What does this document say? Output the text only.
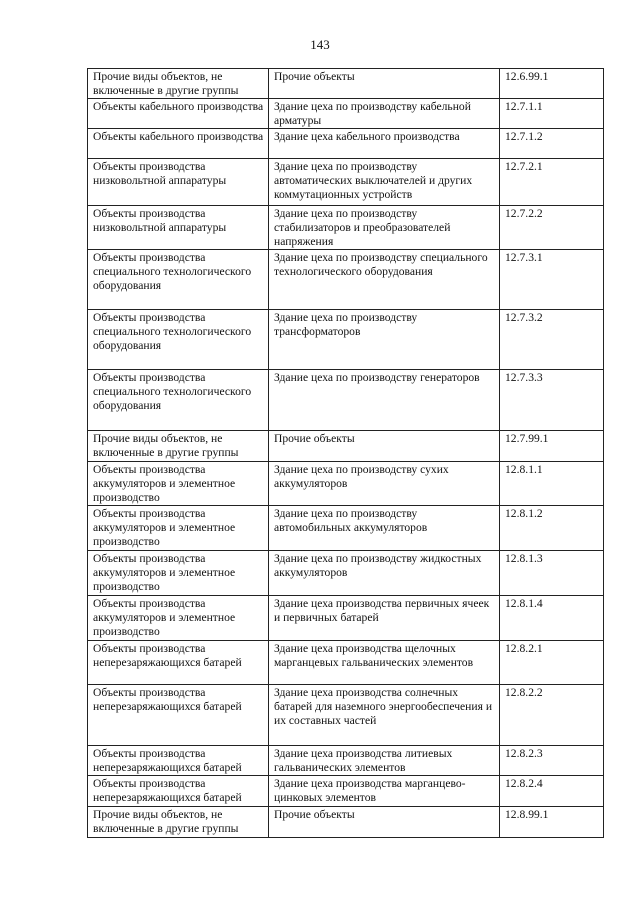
143
Прочие виды объектов, не включенные в другие группы	Прочие объекты	12.6.99.1
Объекты кабельного производства	Здание цеха по производству кабельной арматуры	12.7.1.1
Объекты кабельного производства	Здание цеха кабельного производства	12.7.1.2
Объекты производства низковольтной аппаратуры	Здание цеха по производству автоматических выключателей и других коммутационных устройств	12.7.2.1
Объекты производства низковольтной аппаратуры	Здание цеха по производству стабилизаторов и преобразователей напряжения	12.7.2.2
Объекты производства специального технологического оборудования	Здание цеха по производству специального технологического оборудования	12.7.3.1
Объекты производства специального технологического оборудования	Здание цеха по производству трансформаторов	12.7.3.2
Объекты производства специального технологического оборудования	Здание цеха по производству генераторов	12.7.3.3
Прочие виды объектов, не включенные в другие группы	Прочие объекты	12.7.99.1
Объекты производства аккумуляторов и элементное производство	Здание цеха по производству сухих аккумуляторов	12.8.1.1
Объекты производства аккумуляторов и элементное производство	Здание цеха по производству автомобильных аккумуляторов	12.8.1.2
Объекты производства аккумуляторов и элементное производство	Здание цеха по производству жидкостных аккумуляторов	12.8.1.3
Объекты производства аккумуляторов и элементное производство	Здание цеха производства первичных ячеек и первичных батарей	12.8.1.4
Объекты производства неперезаряжающихся батарей	Здание цеха производства щелочных марганцевых гальванических элементов	12.8.2.1
Объекты производства неперезаряжающихся батарей	Здание цеха производства солнечных батарей для наземного энергообеспечения и их составных частей	12.8.2.2
Объекты производства неперезаряжающихся батарей	Здание цеха производства литиевых гальванических элементов	12.8.2.3
Объекты производства неперезаряжающихся батарей	Здание цеха производства марганцево-цинковых элементов	12.8.2.4
Прочие виды объектов, не включенные в другие группы	Прочие объекты	12.8.99.1
